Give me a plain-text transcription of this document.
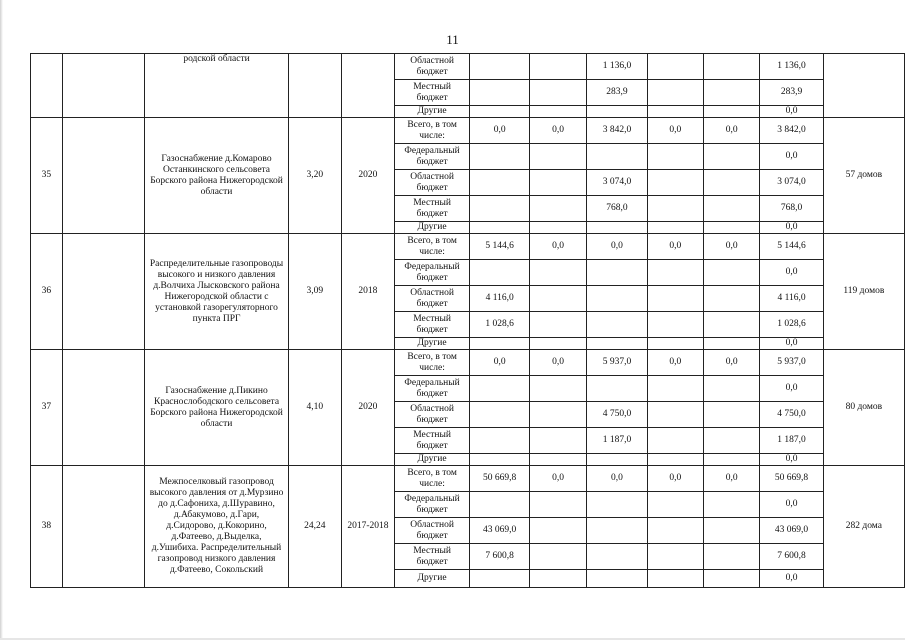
11
		родской области			Областной бюджет			1 136,0			1 136,0	
					Местный бюджет			283,9			283,9	
					Другие						0,0	
35		Газоснабжение д.Комарово Останкинского сельсовета Борского района Нижегородской области	3,20	2020	Всего, в том числе:	0,0	0,0	3 842,0	0,0	0,0	3 842,0	57 домов
					Федеральный бюджет						0,0	
					Областной бюджет			3 074,0			3 074,0	
					Местный бюджет			768,0			768,0	
					Другие						0,0	
36		Распределительные газопроводы высокого и низкого давления д.Волчиха Лысковского района Нижегородской области с установкой газорегуляторного пункта ПРГ	3,09	2018	Всего, в том числе:	5 144,6	0,0	0,0	0,0	0,0	5 144,6	119 домов
					Федеральный бюджет						0,0	
					Областной бюджет	4 116,0					4 116,0	
					Местный бюджет	1 028,6					1 028,6	
					Другие						0,0	
37		Газоснабжение д.Пикино Краснослободского сельсовета Борского района Нижегородской области	4,10	2020	Всего, в том числе:	0,0	0,0	5 937,0	0,0	0,0	5 937,0	80 домов
					Федеральный бюджет						0,0	
					Областной бюджет			4 750,0			4 750,0	
					Местный бюджет			1 187,0			1 187,0	
					Другие						0,0	
38		Межпоселковый газопровод высокого давления от д.Мурзино до д.Сафониха, д.Шуравино, д.Абакумово, д.Гари, д.Сидорово, д.Кокорино, д.Фатеево, д.Выделка, д.Ушибиха. Распределительный газопровод низкого давления д.Фатеево, Сокольский	24,24	2017-2018	Всего, в том числе:	50 669,8	0,0	0,0	0,0	0,0	50 669,8	282 дома
					Федеральный бюджет						0,0	
					Областной бюджет	43 069,0					43 069,0	
					Местный бюджет	7 600,8					7 600,8	
					Другие						0,0	
